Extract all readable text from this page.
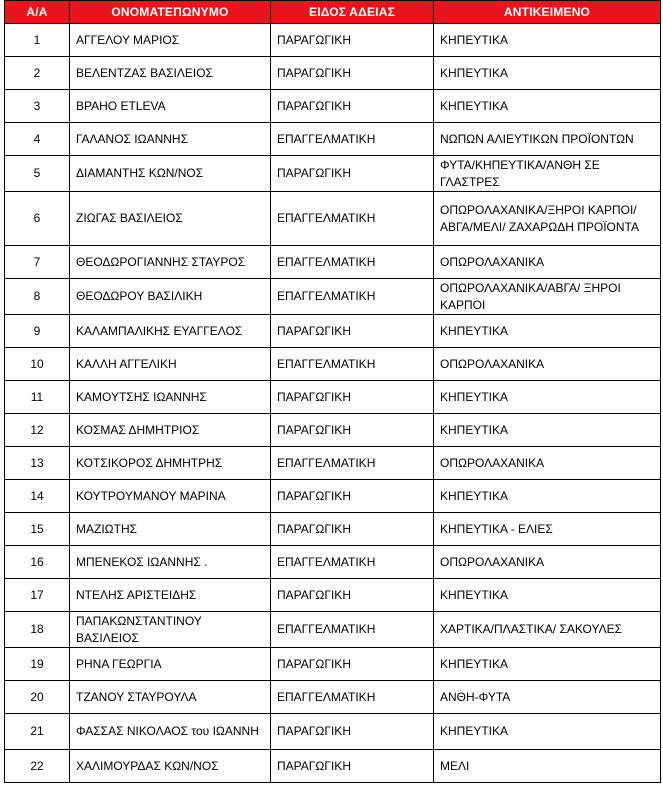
Α/Α	ΟΝΟΜΑΤΕΠΩΝΥΜΟ	ΕΙΔΟΣ ΑΔΕΙΑΣ	ΑΝΤΙΚΕΙΜΕΝΟ
1	ΑΓΓΕΛΟΥ ΜΑΡΙΟΣ	ΠΑΡΑΓΩΓΙΚΗ	ΚΗΠΕΥΤΙΚΑ
2	ΒΕΛΕΝΤΖΑΣ ΒΑΣΙΛΕΙΟΣ	ΠΑΡΑΓΩΓΙΚΗ	ΚΗΠΕΥΤΙΚΑ
3	ΒΡΑΗΟ ETLEVA	ΠΑΡΑΓΩΓΙΚΗ	ΚΗΠΕΥΤΙΚΑ
4	ΓΑΛΑΝΟΣ ΙΩΑΝΝΗΣ	ΕΠΑΓΓΕΛΜΑΤΙΚΗ	ΝΩΠΩΝ ΑΛΙΕΥΤΙΚΩΝ ΠΡΟΪΟΝΤΩΝ
5	ΔΙΑΜΑΝΤΗΣ ΚΩΝ/ΝΟΣ	ΠΑΡΑΓΩΓΙΚΗ	ΦΥΤΑ/ΚΗΠΕΥΤΙΚΑ/ΑΝΘΗ ΣΕ ΓΛΑΣΤΡΕΣ
6	ΖΙΩΓΑΣ ΒΑΣΙΛΕΙΟΣ	ΕΠΑΓΓΕΛΜΑΤΙΚΗ	ΟΠΩΡΟΛΑΧΑΝΙΚΑ/ΞΗΡΟΙ ΚΑΡΠΟΙ/ΑΒΓΑ/ΜΕΛΙ/ ΖΑΧΑΡΩΔΗ ΠΡΟΪΟΝΤΑ
7	ΘΕΟΔΩΡΟΓΙΑΝΝΗΣ ΣΤΑΥΡΟΣ	ΕΠΑΓΓΕΛΜΑΤΙΚΗ	ΟΠΩΡΟΛΑΧΑΝΙΚΑ
8	ΘΕΟΔΩΡΟΥ ΒΑΣΙΛΙΚΗ	ΕΠΑΓΓΕΛΜΑΤΙΚΗ	ΟΠΩΡΟΛΑΧΑΝΙΚΑ/ΑΒΓΑ/ ΞΗΡΟΙ ΚΑΡΠΟΙ
9	ΚΑΛΑΜΠΑΛΙΚΗΣ ΕΥΑΓΓΕΛΟΣ	ΠΑΡΑΓΩΓΙΚΗ	ΚΗΠΕΥΤΙΚΑ
10	ΚΑΛΛΗ ΑΓΓΕΛΙΚΗ	ΕΠΑΓΓΕΛΜΑΤΙΚΗ	ΟΠΩΡΟΛΑΧΑΝΙΚΑ
11	ΚΑΜΟΥΤΣΗΣ ΙΩΑΝΝΗΣ	ΠΑΡΑΓΩΓΙΚΗ	ΚΗΠΕΥΤΙΚΑ
12	ΚΟΣΜΑΣ ΔΗΜΗΤΡΙΟΣ	ΠΑΡΑΓΩΓΙΚΗ	ΚΗΠΕΥΤΙΚΑ
13	ΚΟΤΣΙΚΟΡΟΣ ΔΗΜΗΤΡΗΣ	ΕΠΑΓΓΕΛΜΑΤΙΚΗ	ΟΠΩΡΟΛΑΧΑΝΙΚΑ
14	ΚΟΥΤΡΟΥΜΑΝΟΥ ΜΑΡΙΝΑ	ΠΑΡΑΓΩΓΙΚΗ	ΚΗΠΕΥΤΙΚΑ
15	ΜΑΖΙΩΤΗΣ	ΠΑΡΑΓΩΓΙΚΗ	ΚΗΠΕΥΤΙΚΑ - ΕΛΙΕΣ
16	ΜΠΕΝΕΚΟΣ ΙΩΑΝΝΗΣ .	ΕΠΑΓΓΕΛΜΑΤΙΚΗ	ΟΠΩΡΟΛΑΧΑΝΙΚΑ
17	ΝΤΕΛΗΣ ΑΡΙΣΤΕΙΔΗΣ	ΠΑΡΑΓΩΓΙΚΗ	ΚΗΠΕΥΤΙΚΑ
18	ΠΑΠΑΚΩΝΣΤΑΝΤΙΝΟΥ ΒΑΣΙΛΕΙΟΣ	ΕΠΑΓΓΕΛΜΑΤΙΚΗ	ΧΑΡΤΙΚΑ/ΠΛΑΣΤΙΚΑ/ ΣΑΚΟΥΛΕΣ
19	ΡΗΝΑ ΓΕΩΡΓΙΑ	ΠΑΡΑΓΩΓΙΚΗ	ΚΗΠΕΥΤΙΚΑ
20	ΤΖΑΝΟΥ ΣΤΑΥΡΟΥΛΑ	ΕΠΑΓΓΕΛΜΑΤΙΚΗ	ΑΝΘΗ-ΦΥΤΑ
21	ΦΑΣΣΑΣ ΝΙΚΟΛΑΟΣ του ΙΩΑΝΝΗ	ΠΑΡΑΓΩΓΙΚΗ	ΚΗΠΕΥΤΙΚΑ
22	ΧΑΛΙΜΟΥΡΔΑΣ ΚΩΝ/ΝΟΣ	ΠΑΡΑΓΩΓΙΚΗ	ΜΕΛΙ
